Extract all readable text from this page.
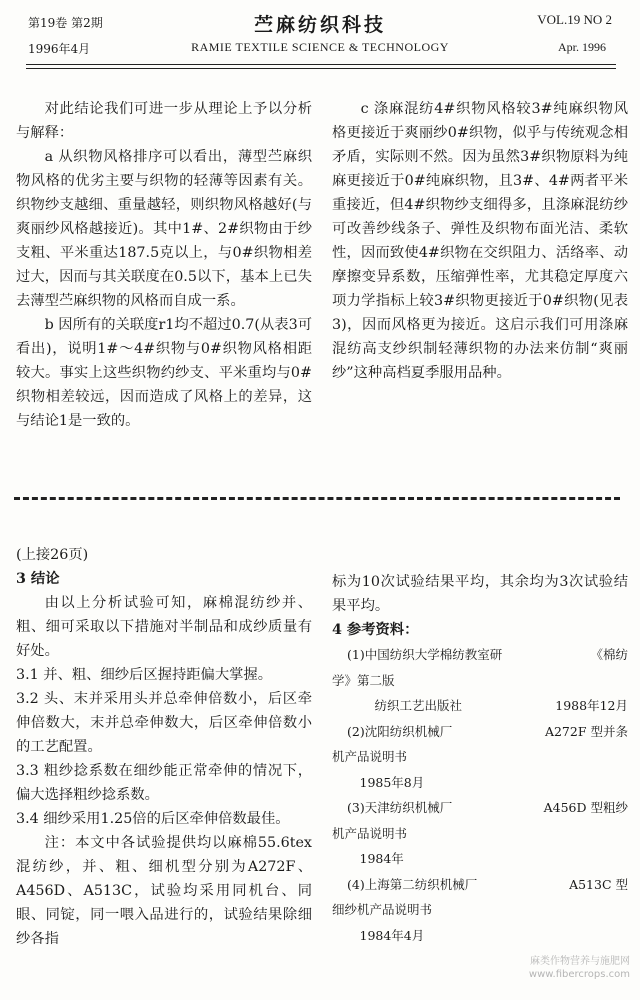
第19卷 第2期
1996年4月
苎麻纺织科技
RAMIE TEXTILE SCIENCE & TECHNOLOGY
VOL.19 NO 2
Apr. 1996

对此结论我们可进一步从理论上予以分析与解释：

a 从织物风格排序可以看出，薄型苎麻织物风格的优劣主要与织物的轻薄等因素有关。织物纱支越细、重量越轻，则织物风格越好(与爽丽纱风格越接近)。其中1#、2#织物由于纱支粗、平米重达187.5克以上，与0#织物相差过大，因而与其关联度在0.5以下，基本上已失去薄型苎麻织物的风格而自成一系。

b 因所有的关联度r1均不超过0.7(从表3可看出)，说明1#～4#织物与0#织物风格相距较大。事实上这些织物约纱支、平米重均与0#织物相差较远，因而造成了风格上的差异，这与结论1是一致的。

c 涤麻混纺4#织物风格较3#纯麻织物风格更接近于爽丽纱0#织物，似乎与传统观念相矛盾，实际则不然。因为虽然3#织物原料为纯麻更接近于0#纯麻织物，且3#、4#两者平米重接近，但4#织物纱支细得多，且涤麻混纺纱可改善纱线条子、弹性及织物布面光洁、柔软性，因而致使4#织物在交织阻力、活络率、动摩擦变异系数，压缩弹性率，尤其稳定厚度六项力学指标上较3#织物更接近于0#织物(见表3)，因而风格更为接近。这启示我们可用涤麻混纺高支纱织制轻薄织物的办法来仿制“爽丽纱”这种高档夏季服用品种。

(上接26页)

3 结论

由以上分析试验可知，麻棉混纺纱并、粗、细可采取以下措施对半制品和成纱质量有好处。

3.1 并、粗、细纱后区握持距偏大掌握。

3.2 头、末并采用头并总牵伸倍数小，后区牵伸倍数大，末并总牵伸数大，后区牵伸倍数小的工艺配置。

3.3 粗纱捻系数在细纱能正常牵伸的情况下，偏大选择粗纱捻系数。

3.4 细纱采用1.25倍的后区牵伸倍数最佳。

注：本文中各试验提供均以麻棉55.6tex混纺纱，并、粗、细机型分别为A272F、A456D、A513C，试验均采用同机台、同眼、同锭，同一喂入品进行的，试验结果除细纱各指

标为10次试验结果平均，其余均为3次试验结果平均。

4 参考资料：

(1)中国纺织大学棉纺教室研	《棉纺
学》第二版
纺织工艺出版社	1988年12月
(2)沈阳纺织机械厂	A272F 型并条
机产品说明书
1985年8月
(3)天津纺织机械厂	A456D 型粗纱
机产品说明书
1984年
(4)上海第二纺织机械厂	A513C 型
细纱机产品说明书
1984年4月
麻类作物营养与施肥网
www.fibercrops.com
